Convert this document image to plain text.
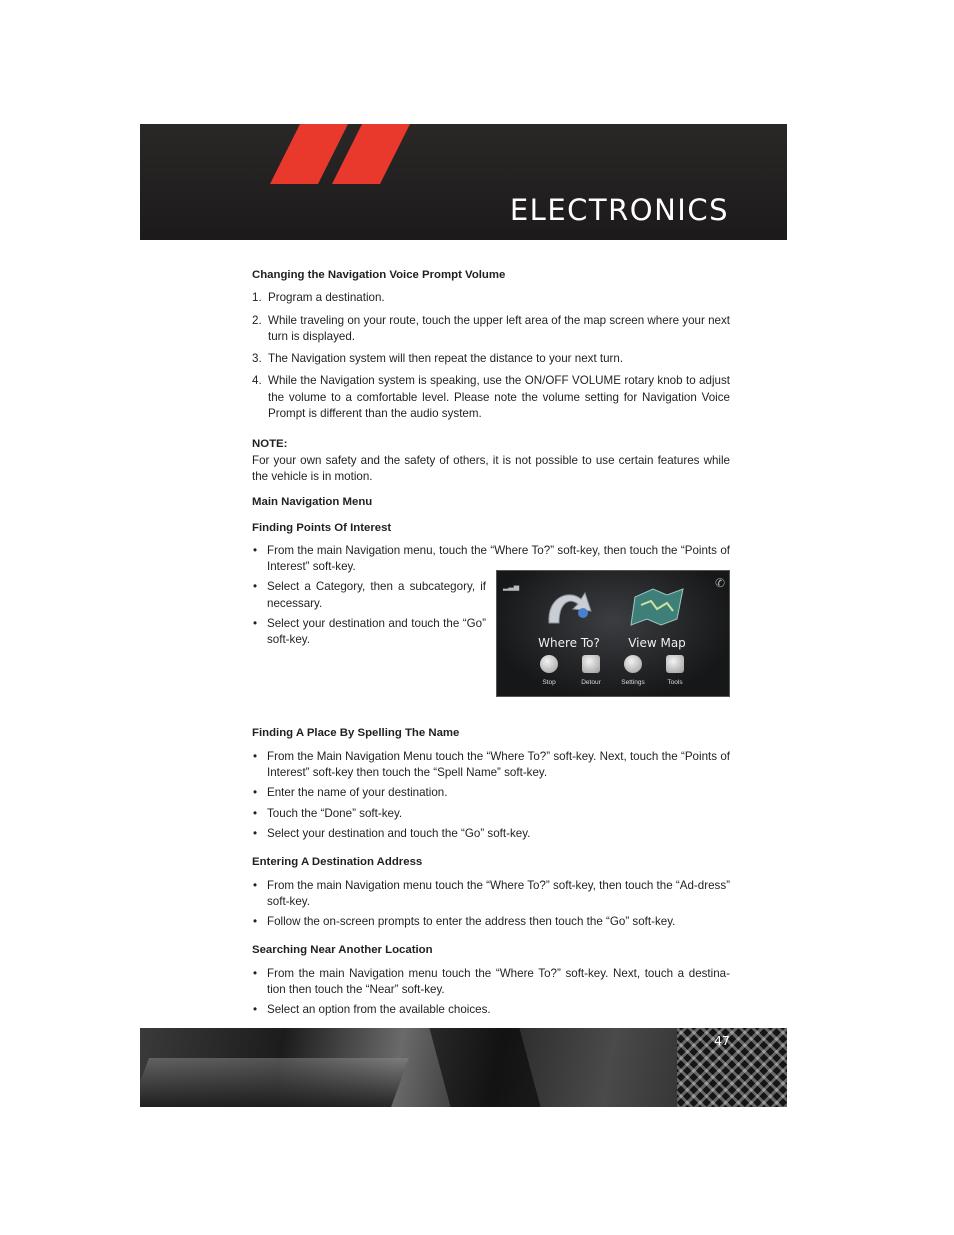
ELECTRONICS
Changing the Navigation Voice Prompt Volume
1. Program a destination.
2. While traveling on your route, touch the upper left area of the map screen where your next turn is displayed.
3. The Navigation system will then repeat the distance to your next turn.
4. While the Navigation system is speaking, use the ON/OFF VOLUME rotary knob to adjust the volume to a comfortable level. Please note the volume setting for Navigation Voice Prompt is different than the audio system.
NOTE:

For your own safety and the safety of others, it is not possible to use certain features while the vehicle is in motion.

Main Navigation Menu
Finding Points Of Interest
• From the main Navigation menu, touch the “Where To?” soft-key, then touch the “Points of Interest” soft-key.
• Select a Category, then a subcategory, if necessary.
• Select your destination and touch the “Go” soft-key.
▂▃▅	✆
Where To?	View Map
Stop	Detour	Settings	Tools
Finding A Place By Spelling The Name
• From the Main Navigation Menu touch the “Where To?” soft-key. Next, touch the “Points of Interest” soft-key then touch the “Spell Name” soft-key.
• Enter the name of your destination.
• Touch the “Done” soft-key.
• Select your destination and touch the “Go” soft-key.
Entering A Destination Address
• From the main Navigation menu touch the “Where To?” soft-key, then touch the “Ad-dress” soft-key.
• Follow the on-screen prompts to enter the address then touch the “Go” soft-key.
Searching Near Another Location
• From the main Navigation menu touch the “Where To?” soft-key. Next, touch a destina-tion then touch the “Near” soft-key.
• Select an option from the available choices.
47
